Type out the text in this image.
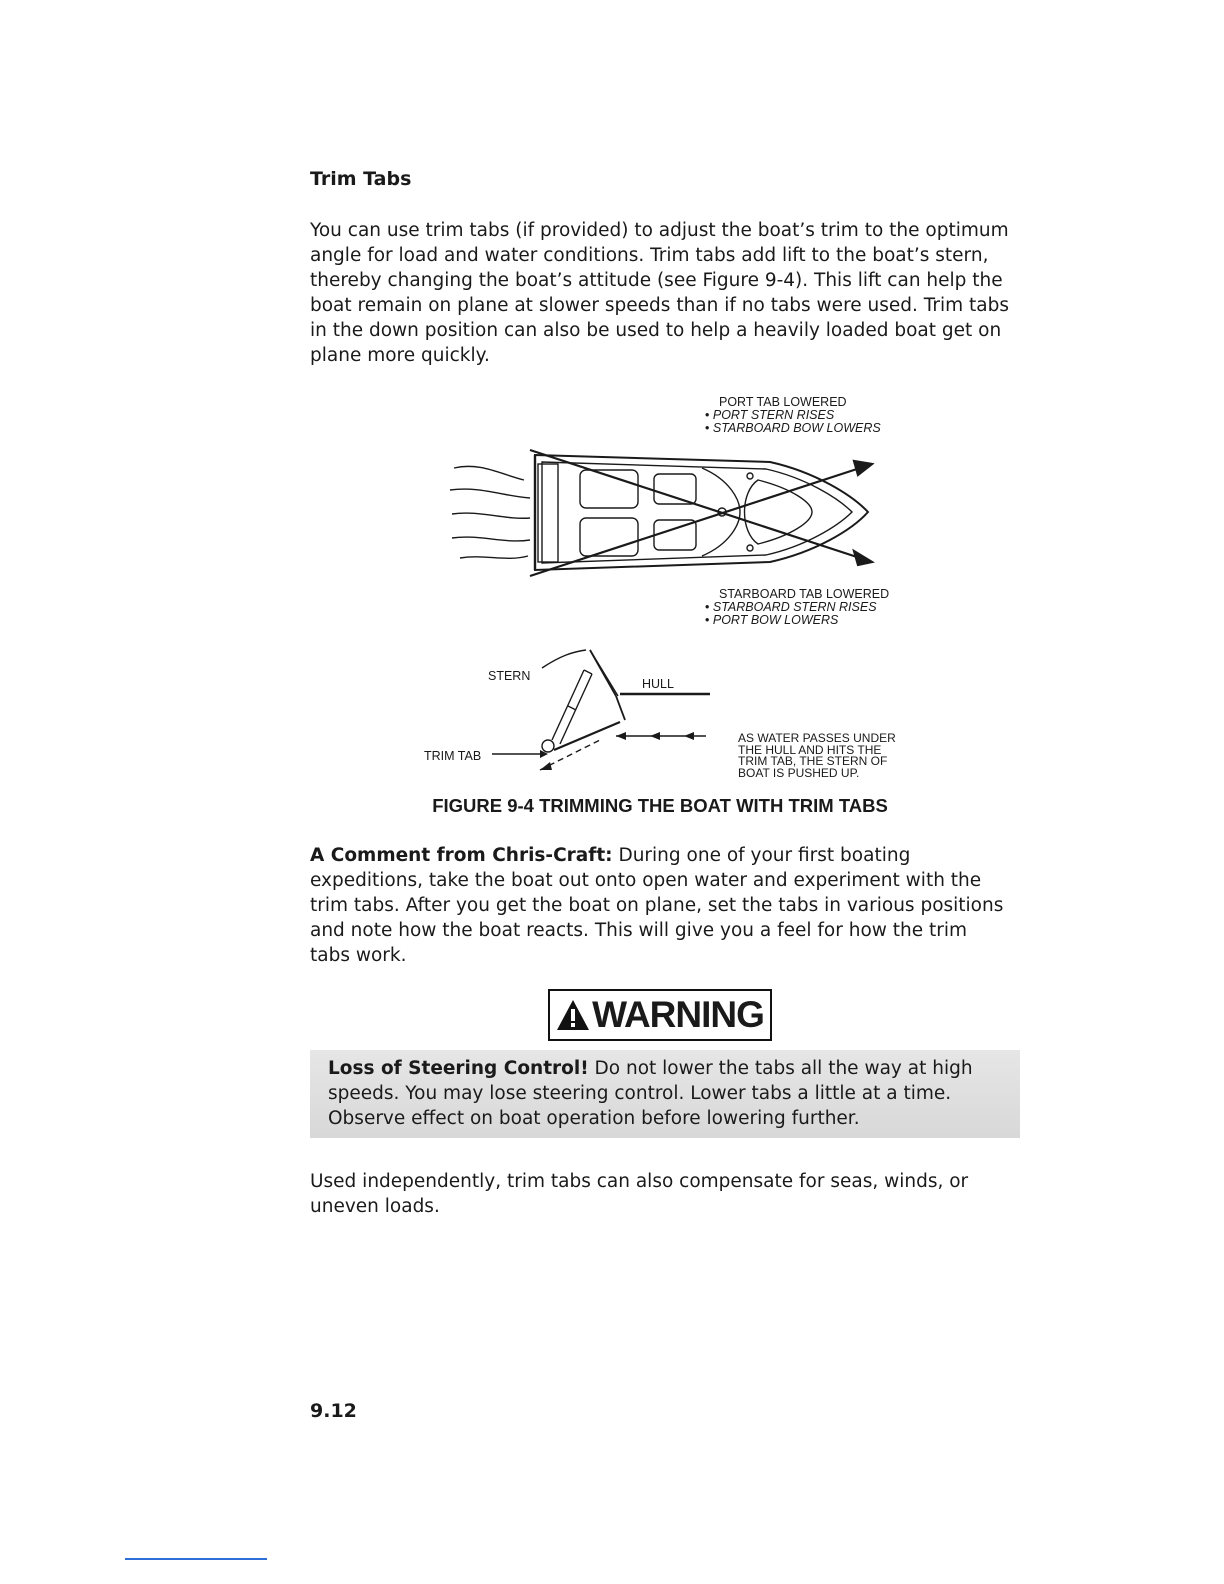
Trim Tabs

You can use trim tabs (if provided) to adjust the boat’s trim to the optimum angle for load and water conditions. Trim tabs add lift to the boat’s stern, thereby changing the boat’s attitude (see Figure 9-4). This lift can help the boat remain on plane at slower speeds than if no tabs were used. Trim tabs in the down position can also be used to help a heavily loaded boat get on plane more quickly.

PORT TAB LOWERED
• PORT STERN RISES
• STARBOARD BOW LOWERS
STARBOARD TAB LOWERED
• STARBOARD STERN RISES
• PORT BOW LOWERS
STERN
HULL
TRIM TAB
AS WATER PASSES UNDER
THE HULL AND HITS THE
TRIM TAB, THE STERN OF
BOAT IS PUSHED UP.
FIGURE 9-4 TRIMMING THE BOAT WITH TRIM TABS

A Comment from Chris-Craft: During one of your first boating expeditions, take the boat out onto open water and experiment with the trim tabs. After you get the boat on plane, set the tabs in various positions and note how the boat reacts. This will give you a feel for how the trim tabs work.

WARNING

Loss of Steering Control! Do not lower the tabs all the way at high speeds. You may lose steering control. Lower tabs a little at a time. Observe effect on boat operation before lowering further.

Used independently, trim tabs can also compensate for seas, winds, or uneven loads.

9.12
